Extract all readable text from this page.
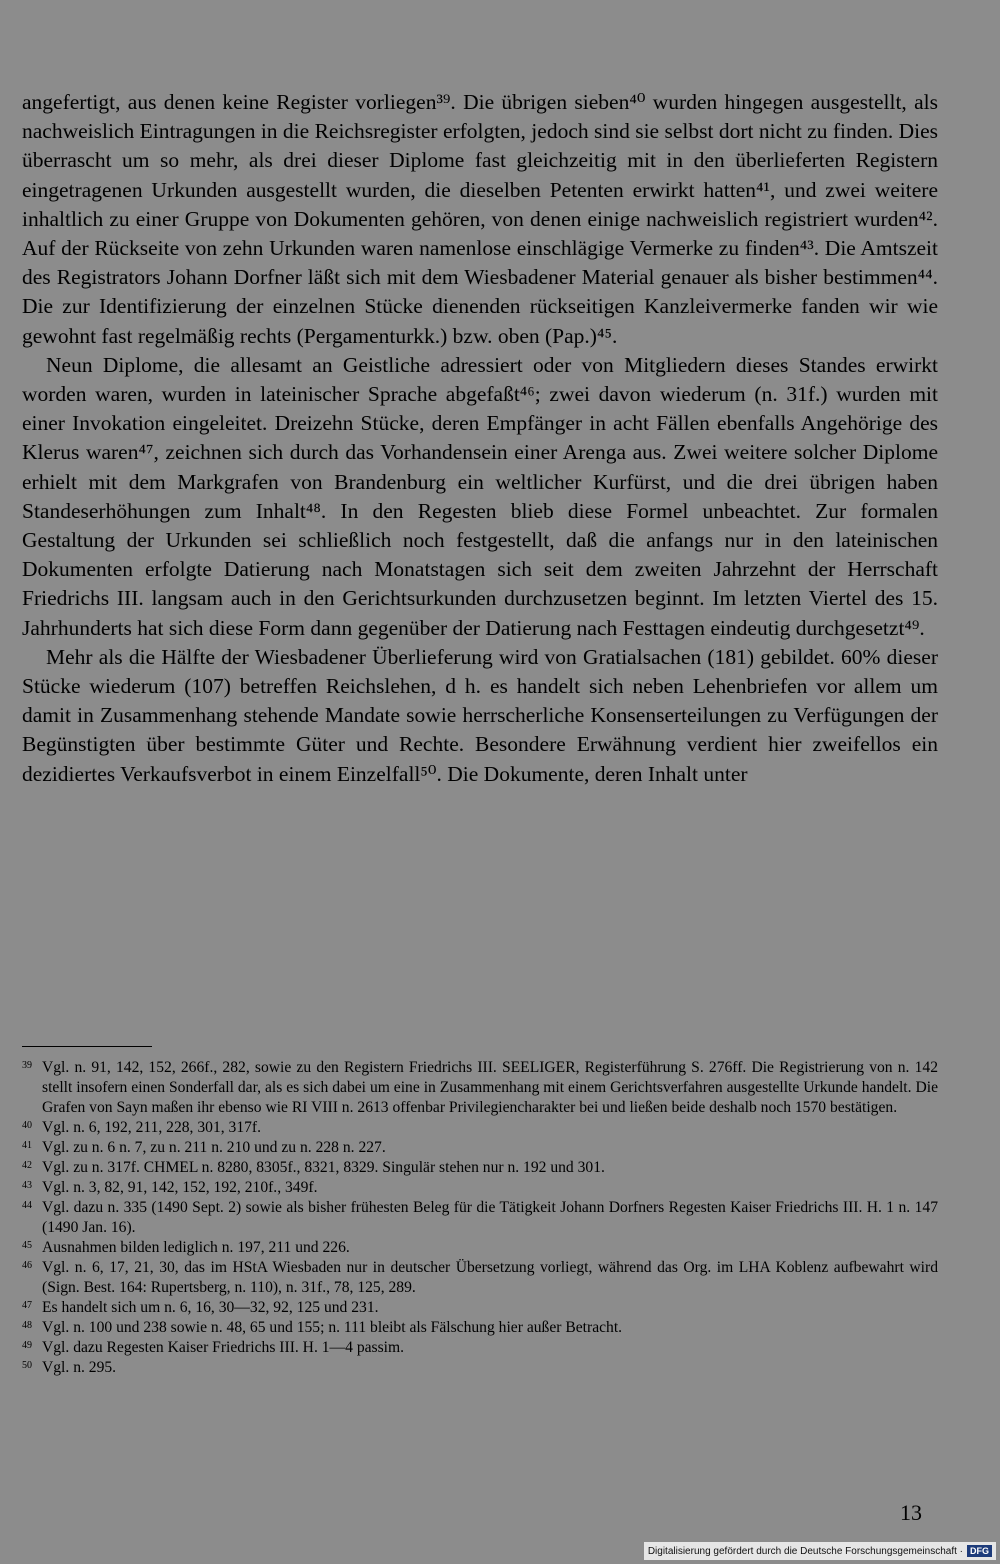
angefertigt, aus denen keine Register vorliegen³⁹. Die übrigen sieben⁴⁰ wurden hingegen ausgestellt, als nachweislich Eintragungen in die Reichsregister erfolgten, jedoch sind sie selbst dort nicht zu finden. Dies überrascht um so mehr, als drei dieser Diplome fast gleichzeitig mit in den überlieferten Registern eingetragenen Urkunden ausgestellt wurden, die dieselben Petenten erwirkt hatten⁴¹, und zwei weitere inhaltlich zu einer Gruppe von Dokumenten gehören, von denen einige nachweislich registriert wurden⁴². Auf der Rückseite von zehn Urkunden waren namenlose einschlägige Vermerke zu finden⁴³. Die Amtszeit des Registrators Johann Dorfner läßt sich mit dem Wiesbadener Material genauer als bisher bestimmen⁴⁴. Die zur Identifizierung der einzelnen Stücke dienenden rückseitigen Kanzleivermerke fanden wir wie gewohnt fast regelmäßig rechts (Pergamenturkk.) bzw. oben (Pap.)⁴⁵.

Neun Diplome, die allesamt an Geistliche adressiert oder von Mitgliedern dieses Standes erwirkt worden waren, wurden in lateinischer Sprache abgefaßt⁴⁶; zwei davon wiederum (n. 31f.) wurden mit einer Invokation eingeleitet. Dreizehn Stücke, deren Empfänger in acht Fällen ebenfalls Angehörige des Klerus waren⁴⁷, zeichnen sich durch das Vorhandensein einer Arenga aus. Zwei weitere solcher Diplome erhielt mit dem Markgrafen von Brandenburg ein weltlicher Kurfürst, und die drei übrigen haben Standeserhöhungen zum Inhalt⁴⁸. In den Regesten blieb diese Formel unbeachtet. Zur formalen Gestaltung der Urkunden sei schließlich noch festgestellt, daß die anfangs nur in den lateinischen Dokumenten erfolgte Datierung nach Monatstagen sich seit dem zweiten Jahrzehnt der Herrschaft Friedrichs III. langsam auch in den Gerichtsurkunden durchzusetzen beginnt. Im letzten Viertel des 15. Jahrhunderts hat sich diese Form dann gegenüber der Datierung nach Festtagen eindeutig durchgesetzt⁴⁹.

Mehr als die Hälfte der Wiesbadener Überlieferung wird von Gratialsachen (181) gebildet. 60% dieser Stücke wiederum (107) betreffen Reichslehen, d h. es handelt sich neben Lehenbriefen vor allem um damit in Zusammenhang stehende Mandate sowie herrscherliche Konsenserteilungen zu Verfügungen der Begünstigten über bestimmte Güter und Rechte. Besondere Erwähnung verdient hier zweifellos ein dezidiertes Verkaufsverbot in einem Einzelfall⁵⁰. Die Dokumente, deren Inhalt unter

39 Vgl. n. 91, 142, 152, 266f., 282, sowie zu den Registern Friedrichs III. SEELIGER, Registerführung S. 276ff. Die Registrierung von n. 142 stellt insofern einen Sonderfall dar, als es sich dabei um eine in Zusammenhang mit einem Gerichtsverfahren ausgestellte Urkunde handelt. Die Grafen von Sayn maßen ihr ebenso wie RI VIII n. 2613 offenbar Privilegiencharakter bei und ließen beide deshalb noch 1570 bestätigen.
40 Vgl. n. 6, 192, 211, 228, 301, 317f.
41 Vgl. zu n. 6 n. 7, zu n. 211 n. 210 und zu n. 228 n. 227.
42 Vgl. zu n. 317f. CHMEL n. 8280, 8305f., 8321, 8329. Singulär stehen nur n. 192 und 301.
43 Vgl. n. 3, 82, 91, 142, 152, 192, 210f., 349f.
44 Vgl. dazu n. 335 (1490 Sept. 2) sowie als bisher frühesten Beleg für die Tätigkeit Johann Dorfners Regesten Kaiser Friedrichs III. H. 1 n. 147 (1490 Jan. 16).
45 Ausnahmen bilden lediglich n. 197, 211 und 226.
46 Vgl. n. 6, 17, 21, 30, das im HStA Wiesbaden nur in deutscher Übersetzung vorliegt, während das Org. im LHA Koblenz aufbewahrt wird (Sign. Best. 164: Rupertsberg, n. 110), n. 31f., 78, 125, 289.
47 Es handelt sich um n. 6, 16, 30—32, 92, 125 und 231.
48 Vgl. n. 100 und 238 sowie n. 48, 65 und 155; n. 111 bleibt als Fälschung hier außer Betracht.
49 Vgl. dazu Regesten Kaiser Friedrichs III. H. 1—4 passim.
50 Vgl. n. 295.
13
Digitalisierung gefördert durch die Deutsche Forschungsgemeinschaft · DFG
